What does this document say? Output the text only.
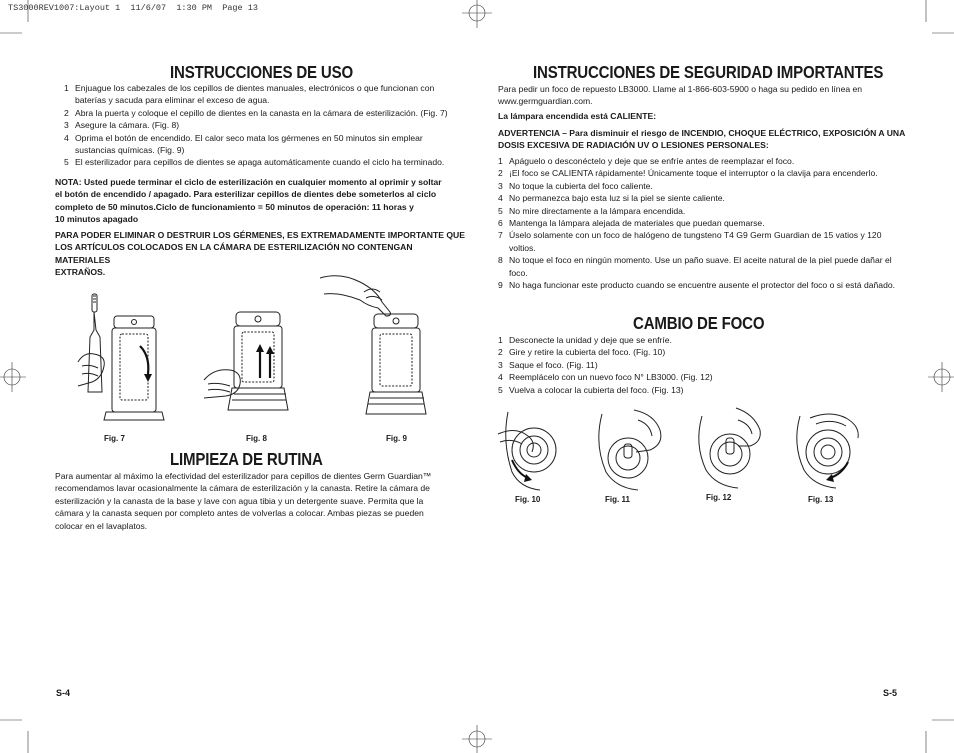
TS3000REV1007:Layout 1  11/6/07  1:30 PM  Page 13
INSTRUCCIONES DE USO
1 Enjuague los cabezales de los cepillos de dientes manuales, electrónicos o que funcionan con baterías y sacuda para eliminar el exceso de agua.
2 Abra la puerta y coloque el cepillo de dientes en la canasta en la cámara de esterilización. (Fig. 7)
3 Asegure la cámara. (Fig. 8)
4 Oprima el botón de encendido. El calor seco mata los gérmenes en 50 minutos sin emplear sustancias químicas. (Fig. 9)
5 El esterilizador para cepillos de dientes se apaga automáticamente cuando el ciclo ha terminado.
NOTA: Usted puede terminar el ciclo de esterilización en cualquier momento al oprimir y soltar
el botón de encendido / apagado. Para esterilizar cepillos de dientes debe someterlos al ciclo
completo de 50 minutos.Ciclo de funcionamiento = 50 minutos de operación: 11 horas y
10 minutos apagado
PARA PODER ELIMINAR O DESTRUIR LOS GÉRMENES, ES EXTREMADAMENTE IMPORTANTE QUE
LOS ARTÍCULOS COLOCADOS EN LA CÁMARA DE ESTERILIZACIÓN NO CONTENGAN MATERIALES
EXTRAÑOS.
Fig. 7	Fig. 8	Fig. 9
LIMPIEZA DE RUTINA
Para aumentar al máximo la efectividad del esterilizador para cepillos de dientes Germ Guardian™
recomendamos lavar ocasionalmente la cámara de esterilización y la canasta. Retire la cámara de
esterilización y la canasta de la base y lave con agua tibia y un detergente suave. Permita que la
cámara y la canasta sequen por completo antes de volverlas a colocar. Ambas piezas se pueden
colocar en el lavaplatos.
S-4
INSTRUCCIONES DE SEGURIDAD IMPORTANTES
Para pedir un foco de repuesto LB3000. Llame al 1-866-603-5900 o haga su pedido en línea en
www.germguardian.com.
La lámpara encendida está CALIENTE:
ADVERTENCIA – Para disminuir el riesgo de INCENDIO, CHOQUE ELÉCTRICO, EXPOSICIÓN A UNA
DOSIS EXCESIVA DE RADIACIÓN UV O LESIONES PERSONALES:
1 Apáguelo o desconéctelo y deje que se enfríe antes de reemplazar el foco.
2 ¡El foco se CALIENTA rápidamente! Únicamente toque el interruptor o la clavija para encenderlo.
3 No toque la cubierta del foco caliente.
4 No permanezca bajo esta luz si la piel se siente caliente.
5 No mire directamente a la lámpara encendida.
6 Mantenga la lámpara alejada de materiales que puedan quemarse.
7 Úselo solamente con un foco de halógeno de tungsteno T4 G9 Germ Guardian de 15 vatios y 120 voltios.
8 No toque el foco en ningún momento. Use un paño suave. El aceite natural de la piel puede dañar el foco.
9 No haga funcionar este producto cuando se encuentre ausente el protector del foco o si está dañado.
CAMBIO DE FOCO
1 Desconecte la unidad y deje que se enfríe.
2 Gire y retire la cubierta del foco. (Fig. 10)
3 Saque el foco. (Fig. 11)
4 Reemplácelo con un nuevo foco N° LB3000. (Fig. 12)
5 Vuelva a colocar la cubierta del foco. (Fig. 13)
Fig. 10	Fig. 11	Fig. 12	Fig. 13
S-5
